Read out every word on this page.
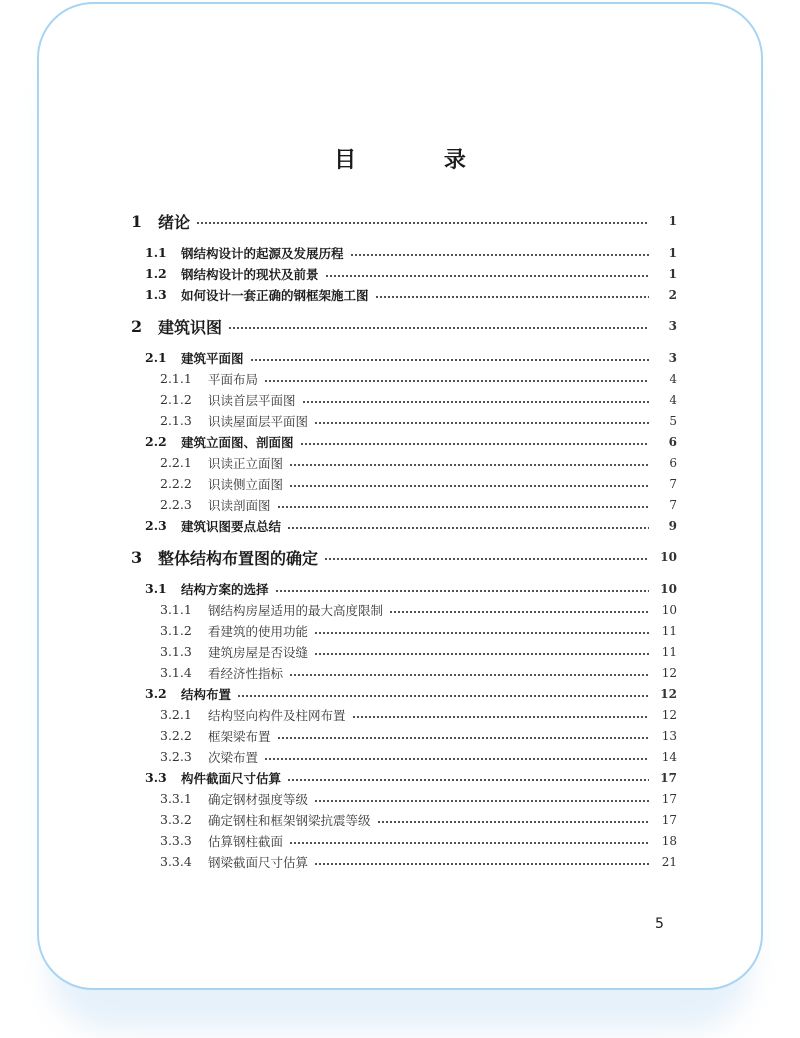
目 录
1 绪论	1
1.1	钢结构设计的起源及发展历程	1
1.2	钢结构设计的现状及前景	1
1.3	如何设计一套正确的钢框架施工图	2
2 建筑识图	3
2.1	建筑平面图	3
2.1.1	平面布局	4
2.1.2	识读首层平面图	4
2.1.3	识读屋面层平面图	5
2.2	建筑立面图、剖面图	6
2.2.1	识读正立面图	6
2.2.2	识读侧立面图	7
2.2.3	识读剖面图	7
2.3	建筑识图要点总结	9
3 整体结构布置图的确定	10
3.1	结构方案的选择	10
3.1.1	钢结构房屋适用的最大高度限制	10
3.1.2	看建筑的使用功能	11
3.1.3	建筑房屋是否设缝	11
3.1.4	看经济性指标	12
3.2	结构布置	12
3.2.1	结构竖向构件及柱网布置	12
3.2.2	框架梁布置	13
3.2.3	次梁布置	14
3.3	构件截面尺寸估算	17
3.3.1	确定钢材强度等级	17
3.3.2	确定钢柱和框架钢梁抗震等级	17
3.3.3	估算钢柱截面	18
3.3.4	钢梁截面尺寸估算	21
5
